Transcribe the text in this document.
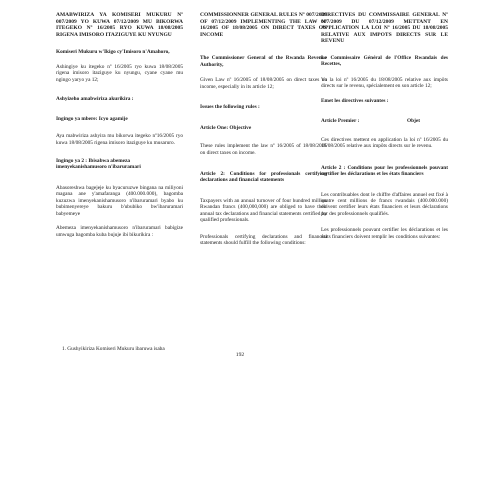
AMABWIRIZA YA KOMISERI MUKURU Nº 007/2009 YO KUWA 07/12/2009 MU BIKORWA ITEGEKO Nº 16/2005 RYO KUWA 18/08/2005 RIGENA IMISORO ITAZIGUYE KU NYUNGU

Komiseri Mukuru w'Ikigo cy'Imisoro n'Amahoro,

Ashingiye ku itegeko nº 16/2005 ryo kuwa 18/08/2005 rigena imisoro itaziguye ku nyungu, cyane cyane mu ngingo yaryo ya 12;

Ashyizeho amabwiriza akurikira :

Ingingo ya mbere: Icyo agamije

Aya mabwiriza ashyira mu bikorwa itegeko nº16/2005 ryo kuwa 18/08/2005 rigena imisoro itaziguye ku musaruro.

Ingingo ya 2 : Ibisabwa abemeza

imenyekanishamusoro n'ibaruramari

Abasoreshwa bagejeje ku byacuruzwe bingana na miliyoni magana ane y'amafaranga (400.000.000), bagomba kuzuzwa imenyekanishamusoro n'ibaruramari byabo ku bubimenyereye bakuru b'ububiko bw'ibaruramari babyemeye

Abemeza imenyekanishamusoro n'ibaruramari babigize umwuga bagomba kuba bujuje ibi bikurikira :

COMMISSIONNER GENERAL RULES Nº 007/2009 OF 07/12/2009 IMPLEMENTING THE LAW Nº 16/2005 OF 18/08/2005 ON DIRECT TAXES ON INCOME

The Commissioner General of the Rwanda Revenue Authority,

Given Law nº 16/2005 of 18/08/2005 on direct taxes on income, especially in its article 12;

Issues the following rules :

Article One: Objective

These rules implement the law nº 16/2005 of 18/08/2005 on direct taxes on income.

Article 2: Conditions for professionals certifying declarations and financial statements

Taxpayers with an annual turnover of four hundred million Rwandan francs (400,000,000) are obliged to have their annual tax declarations and financial statements certified by qualified professionals.

Professionals certifying declarations and financial statements should fulfill the following conditions:

DIRECTIVES DU COMMISSAIRE GENERAL Nº 007/2009 DU 07/12/2009 METTANT EN APPLICATION LA LOI Nº 16/2005 DU 18/08/2005 RELATIVE AUX IMPOTS DIRECTS SUR LE REVENU

Le Commissaire Général de l'Office Rwandais des Recettes,

Vu la loi nº 16/2005 du 18/08/2005 relative aux impôts directs sur le revenu, spécialement en son article 12;

Emet les directives suivantes :

Article Premier :	Objet

Ces directives mettent en application la loi nº 16/2005 du 18/08/2005 relative aux impôts directs sur le revenu.

Article 2 : Conditions pour les professionnels pouvant certifier les déclarations et les états financiers

Les contribuables dont le chiffre d'affaires annuel est fixé à quatre cent millions de francs rwandais (400.000.000) doivent certifier leurs états financiers et leurs déclarations par des professionnels qualifiés.

Les professionnels pouvant certifier les déclarations et les états financiers doivent remplir les conditions suivantes:

1. Gushyikiriza Komiseri Mukuru ibaruwa isaba
192
